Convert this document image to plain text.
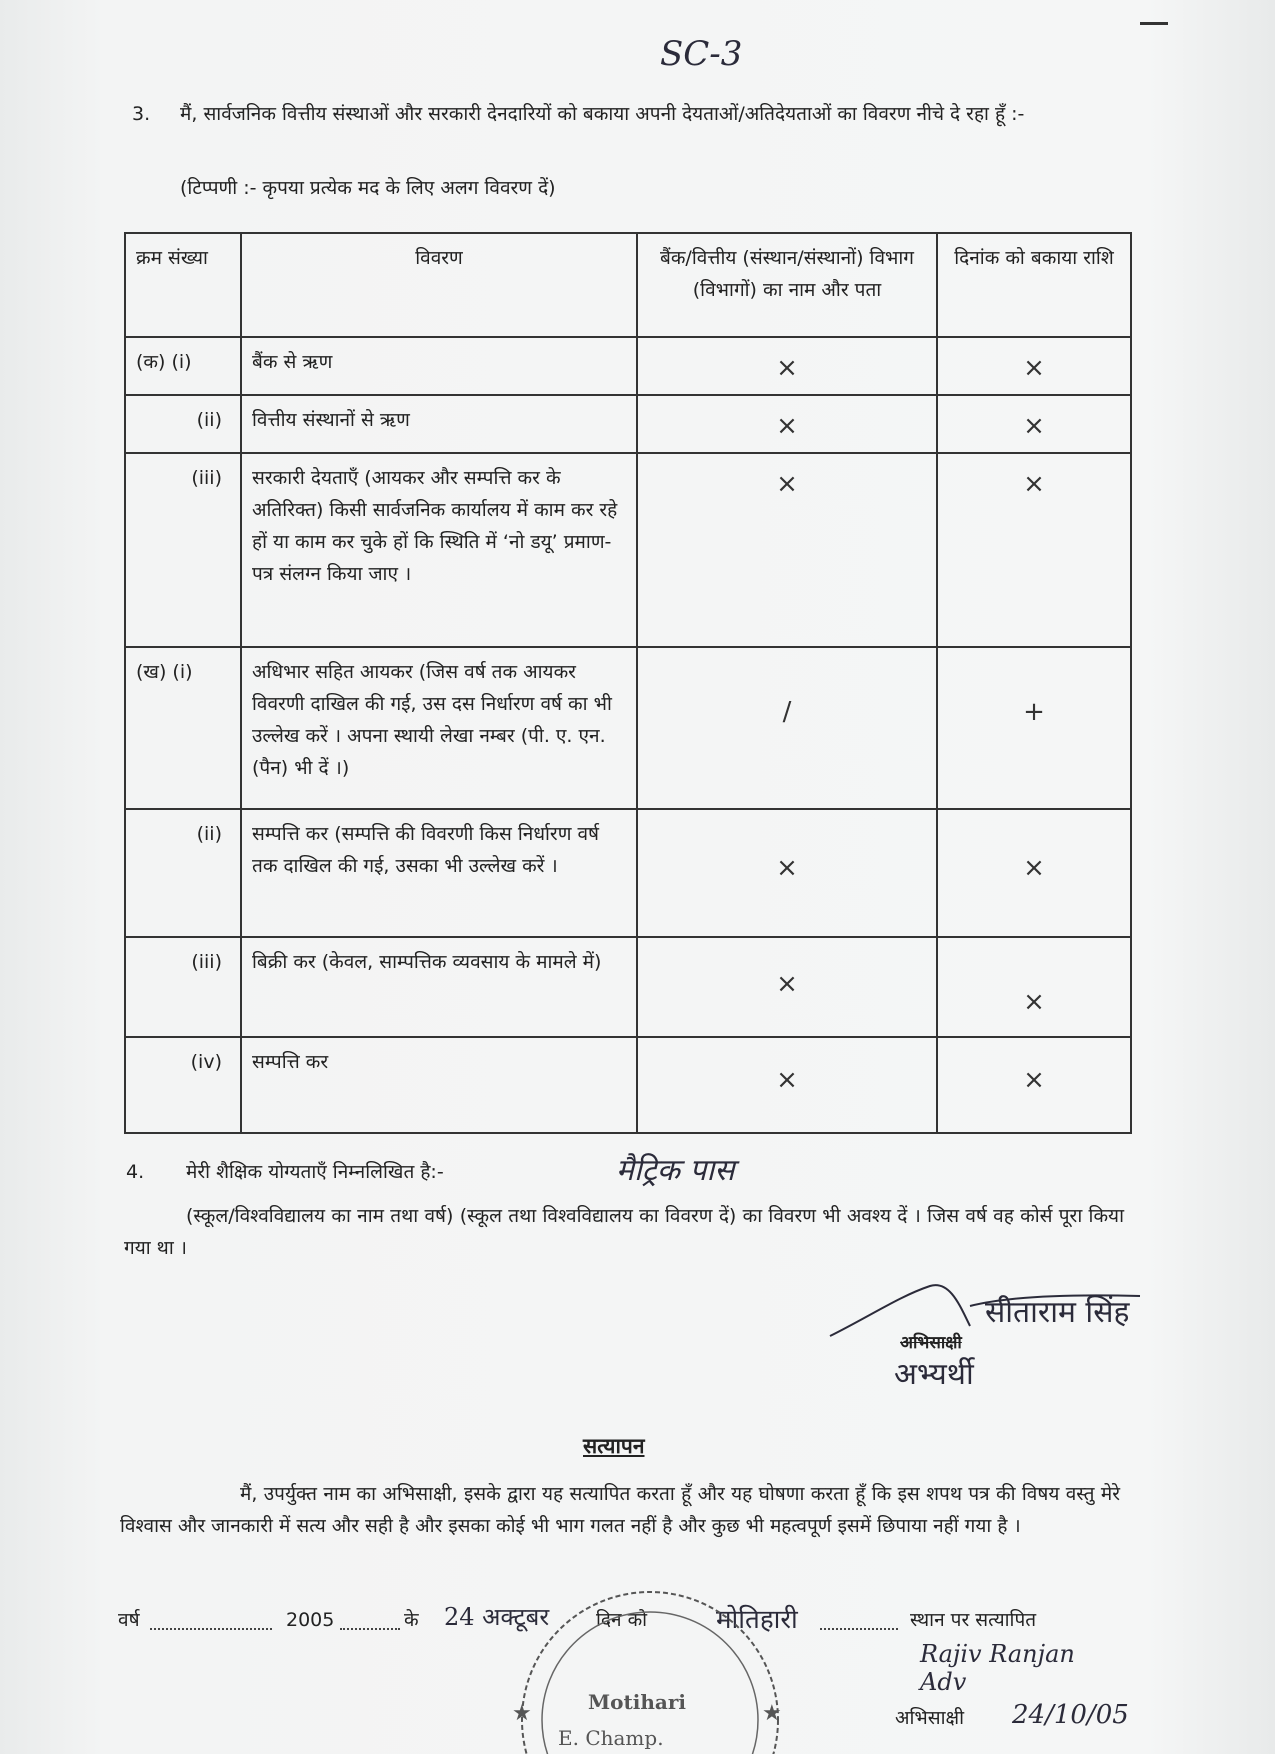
SC-3
3. मैं, सार्वजनिक वित्तीय संस्थाओं और सरकारी देनदारियों को बकाया अपनी देयताओं/अतिदेयताओं का विवरण नीचे दे रहा हूँ :-
(टिप्पणी :- कृपया प्रत्येक मद के लिए अलग विवरण दें)
क्रम संख्या	विवरण	बैंक/वित्तीय (संस्थान/संस्थानों) विभाग (विभागों) का नाम और पता	दिनांक को बकाया राशि
(क) (i)	बैंक से ऋण	×	×

(ii)	वित्तीय संस्थानों से ऋण	×	×

(iii)	सरकारी देयताएँ (आयकर और सम्पत्ति कर के अतिरिक्त) किसी सार्वजनिक कार्यालय में काम कर रहे हों या काम कर चुके हों कि स्थिति में ‘नो डयू’ प्रमाण-पत्र संलग्न किया जाए ।	×	×

(ख) (i)	अधिभार सहित आयकर (जिस वर्ष तक आयकर विवरणी दाखिल की गई, उस दस निर्धारण वर्ष का भी उल्लेख करें । अपना स्थायी लेखा नम्बर (पी. ए. एन. (पैन) भी दें ।)	/	+

(ii)	सम्पत्ति कर (सम्पत्ति की विवरणी किस निर्धारण वर्ष तक दाखिल की गई, उसका भी उल्लेख करें ।	×	×

(iii)	बिक्री कर (केवल, साम्पत्तिक व्यवसाय के मामले में)	×	×

(iv)	सम्पत्ति कर	×	×
4. मेरी शैक्षिक योग्यताएँ निम्नलिखित है:-	मैट्रिक पास
(स्कूल/विश्वविद्यालय का नाम तथा वर्ष) (स्कूल तथा विश्वविद्यालय का विवरण दें) का विवरण भी अवश्य दें । जिस वर्ष वह कोर्स पूरा किया गया था ।
सीताराम सिंह
अभिसाक्षी
अभ्यर्थी
सत्यापन
मैं, उपर्युक्त नाम का अभिसाक्षी, इसके द्वारा यह सत्यापित करता हूँ और यह घोषणा करता हूँ कि इस शपथ पत्र की विषय वस्तु मेरे विश्वास और जानकारी में सत्य और सही है और इसका कोई भी भाग गलत नहीं है और कुछ भी महत्वपूर्ण इसमें छिपाया नहीं गया है ।
वर्ष	2005	के 24 अक्टूबर दिन को	मोतिहारी	स्थान पर सत्यापित
Rajiv Ranjan Adv
अभिसाक्षी 24/10/05
★	★
Motihari
E. Champ.
